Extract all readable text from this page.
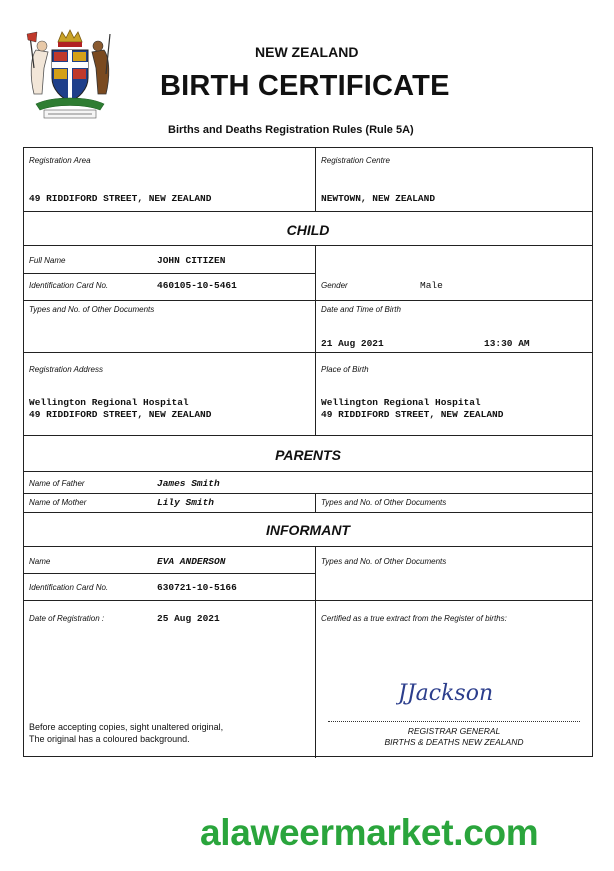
NEW ZEALAND
BIRTH CERTIFICATE
Births and Deaths Registration Rules (Rule 5A)
Registration Area
49 RIDDIFORD STREET, NEW ZEALAND
Registration Centre
NEWTOWN, NEW ZEALAND
CHILD
Full Name	JOHN CITIZEN
Identification Card No.	460105-10-5461	Gender	Male
Types and No. of Other Documents	Date and Time of Birth
21 Aug 2021	13:30 AM
Registration Address
Wellington Regional Hospital
49 RIDDIFORD STREET, NEW ZEALAND
Place of Birth
Wellington Regional Hospital
49 RIDDIFORD STREET, NEW ZEALAND
PARENTS
Name of Father	James Smith
Name of Mother	Lily Smith	Types and No. of Other Documents
INFORMANT
Name	EVA ANDERSON	Types and No. of Other Documents
Identification Card No.	630721-10-5166
Date of Registration :	25 Aug 2021	Certified as a true extract from the Register of births:
JJackson
REGISTRAR GENERAL
BIRTHS & DEATHS NEW ZEALAND
Before accepting copies, sight unaltered original,
The original has a coloured background.
alaweermarket.com
